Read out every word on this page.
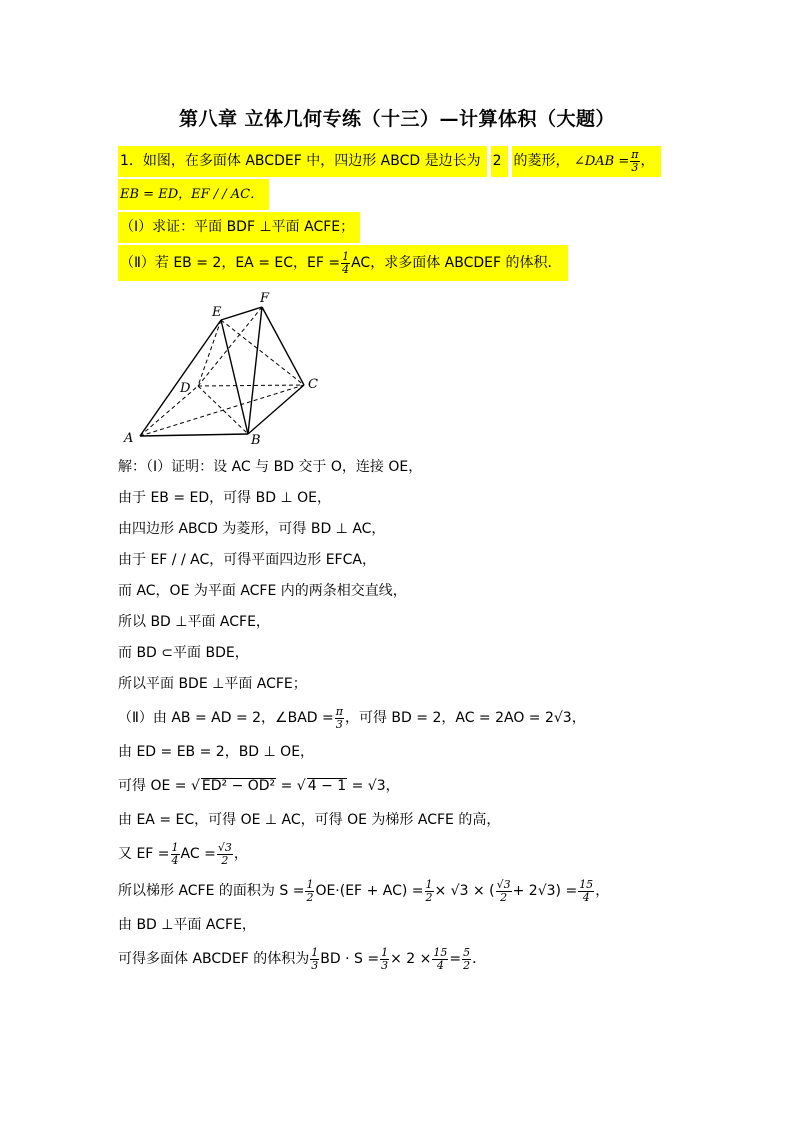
第八章 立体几何专练（十三）—计算体积（大题）
1．如图，在多面体 ABCDEF 中，四边形 ABCD 是边长为 2 的菱形， ∠DAB = $\frac{\pi}{3}$ ，
EB = ED，EF / / AC．
（Ⅰ）求证：平面 BDF ⊥平面 ACFE；
（Ⅱ）若 EB = 2，EA = EC，EF = $\frac{1}{4}$ AC，求多面体 ABCDEF 的体积．
A	B
C
D
E
F
解：（Ⅰ）证明：设 AC 与 BD 交于 O，连接 OE，
由于 EB = ED，可得 BD ⊥ OE，
由四边形 ABCD 为菱形，可得 BD ⊥ AC，
由于 EF / / AC，可得平面四边形 EFCA，
而 AC，OE 为平面 ACFE 内的两条相交直线，
所以 BD ⊥平面 ACFE，
而 BD ⊂平面 BDE，
所以平面 BDE ⊥平面 ACFE；
（Ⅱ）由 AB = AD = 2，∠BAD = $\frac{\pi}{3}$ ，可得 BD = 2，AC = 2AO = 2√3，
由 ED = EB = 2，BD ⊥ OE，
可得 OE = √ ED² − OD² = √ 4 − 1 = √3，
由 EA = EC，可得 OE ⊥ AC，可得 OE 为梯形 ACFE 的高，
又 EF = $\frac{1}{4}$ AC = $\frac{√3}{2}$ ，
所以梯形 ACFE 的面积为 $S = \frac{1}{2} OE\cdot(EF + AC) = \frac{1}{2} \times √3$ × ( $\frac{√3}{2} + 2√3) = \frac{15}{4}$ ，
由 BD ⊥平面 ACFE，
可得多面体 ABCDEF 的体积为 $\frac{1}{3}$ BD · $S = \frac{1}{3} \times 2 \times \frac{15}{4} = \frac{5}{2}$ ．
